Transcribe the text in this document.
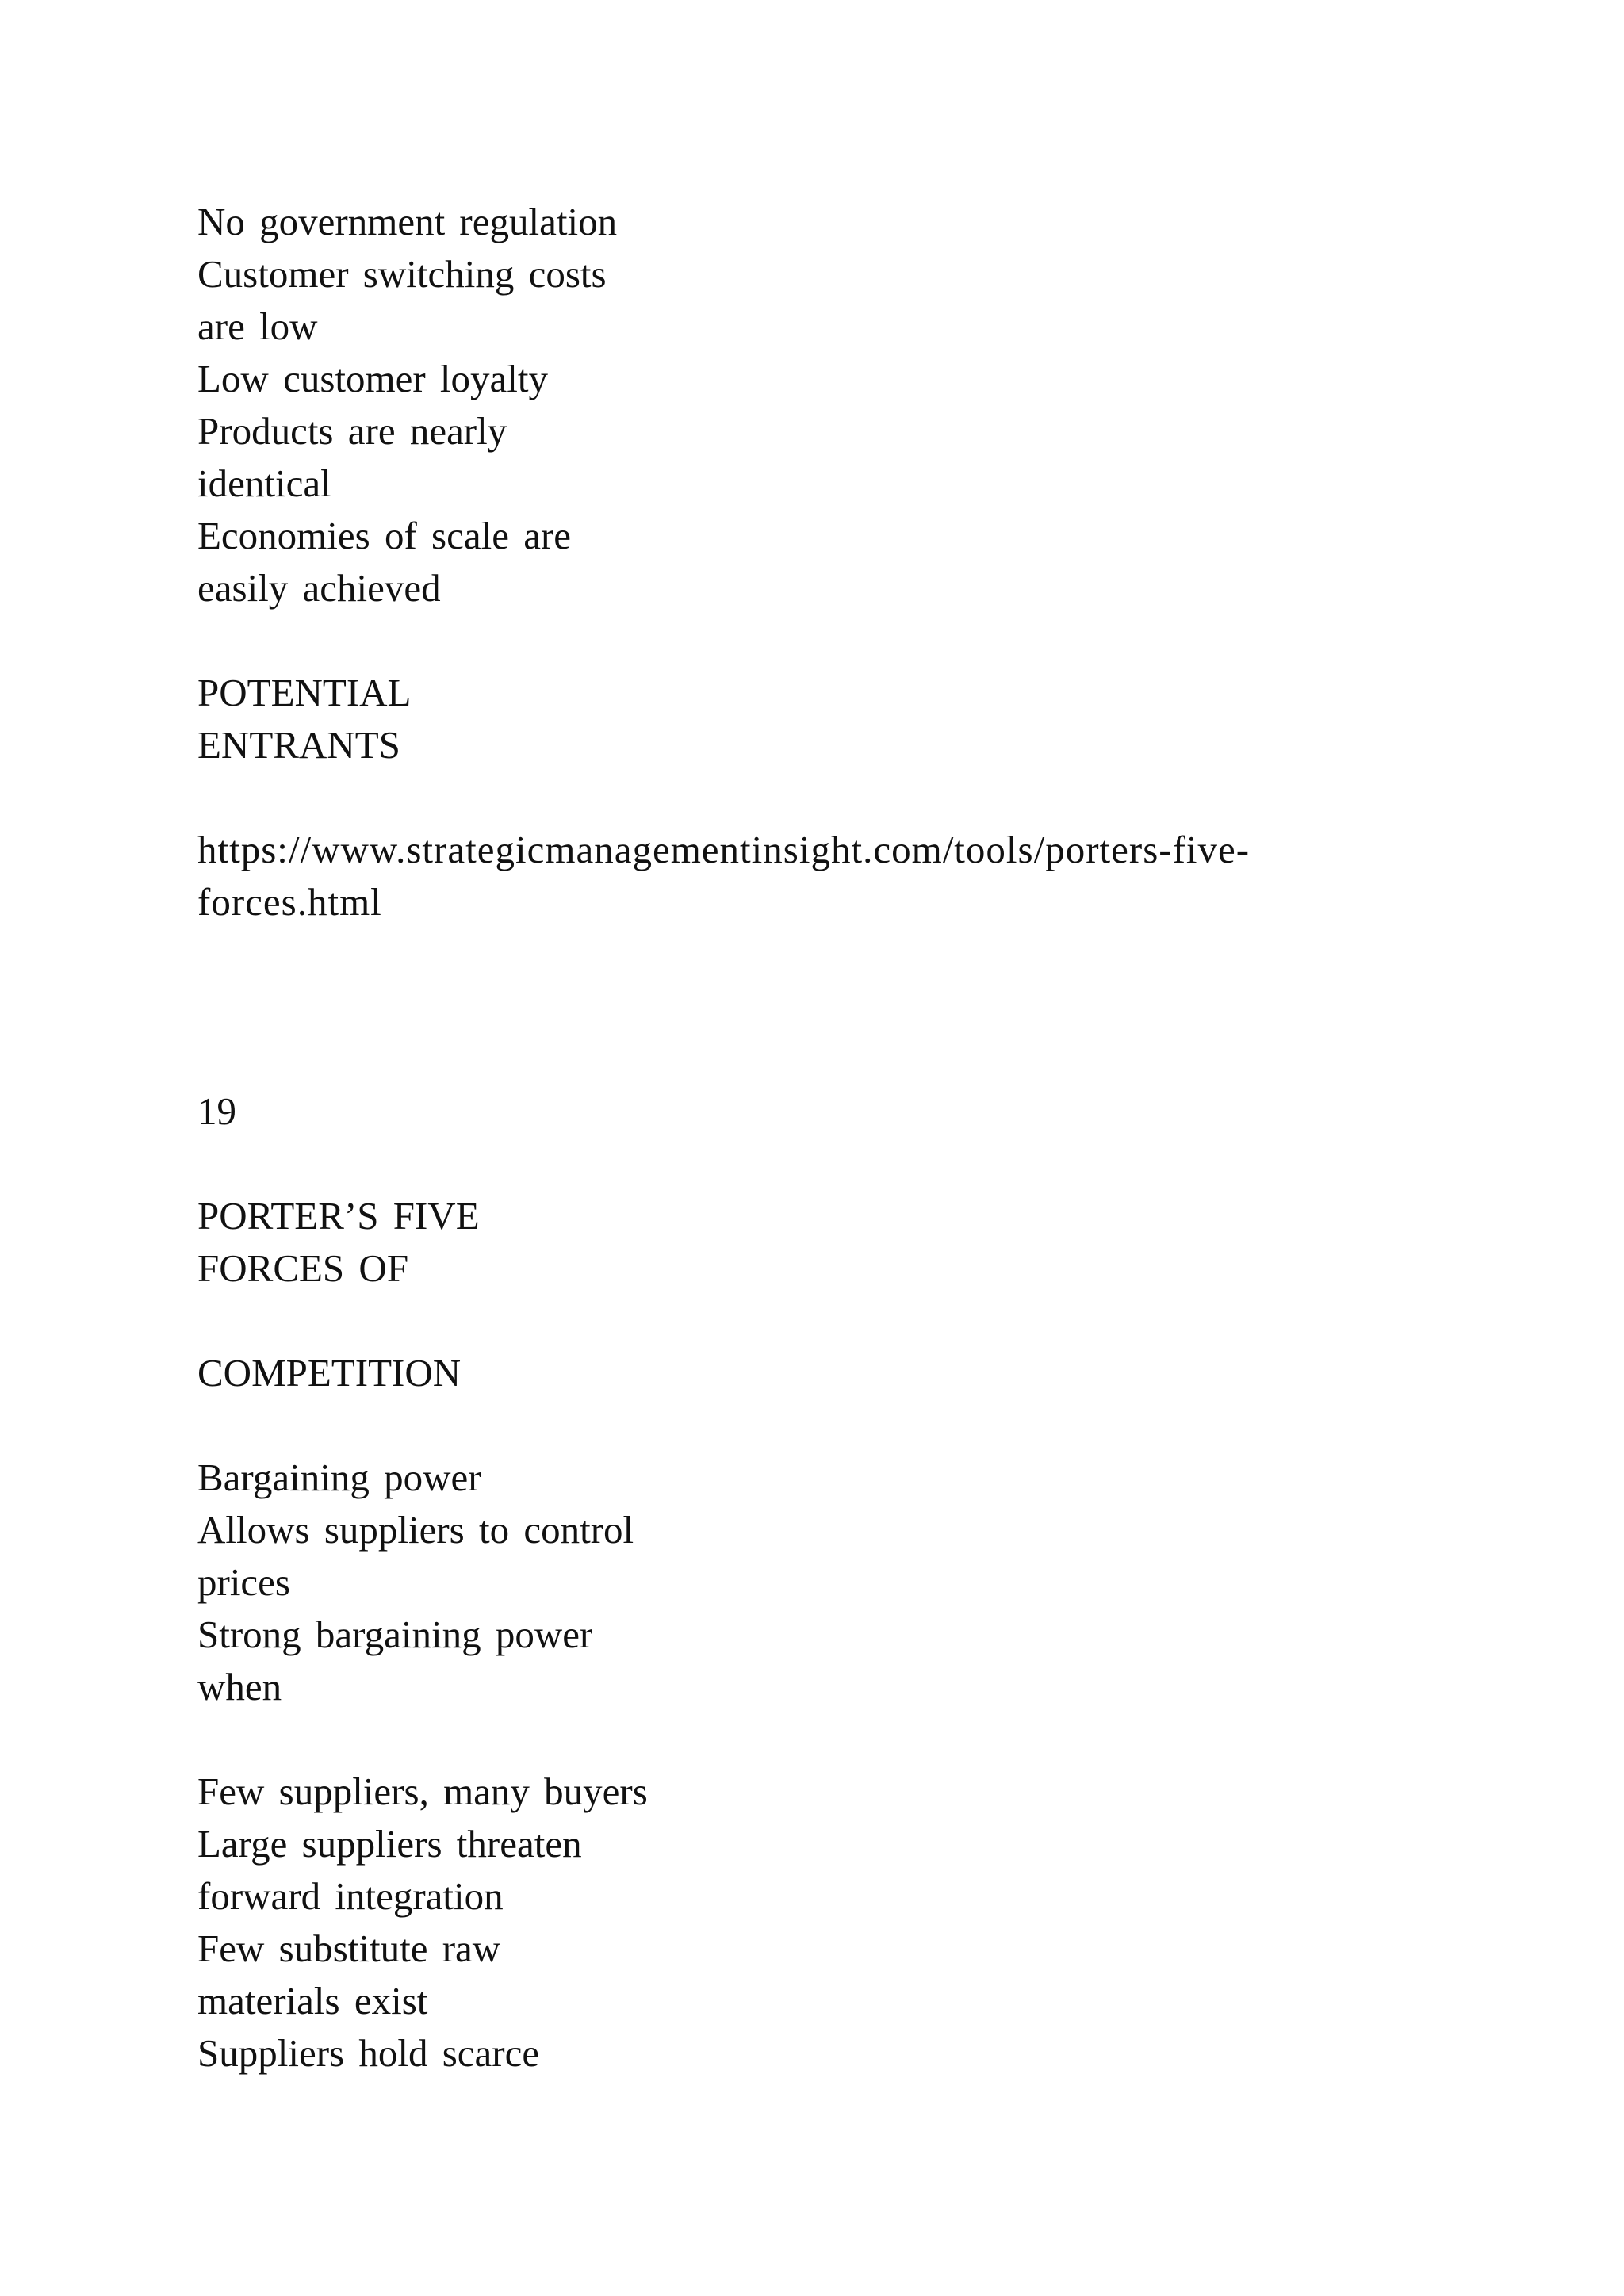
No government regulation

Customer switching costs

are low

Low customer loyalty

Products are nearly

identical

Economies of scale are

easily achieved

POTENTIAL

ENTRANTS

https://www.strategicmanagementinsight.com/tools/porters-five-

forces.html

19

PORTER’S FIVE

FORCES OF

COMPETITION

Bargaining power

Allows suppliers to control

prices

Strong bargaining power

when

Few suppliers, many buyers

Large suppliers threaten

forward integration

Few substitute raw

materials exist

Suppliers hold scarce
